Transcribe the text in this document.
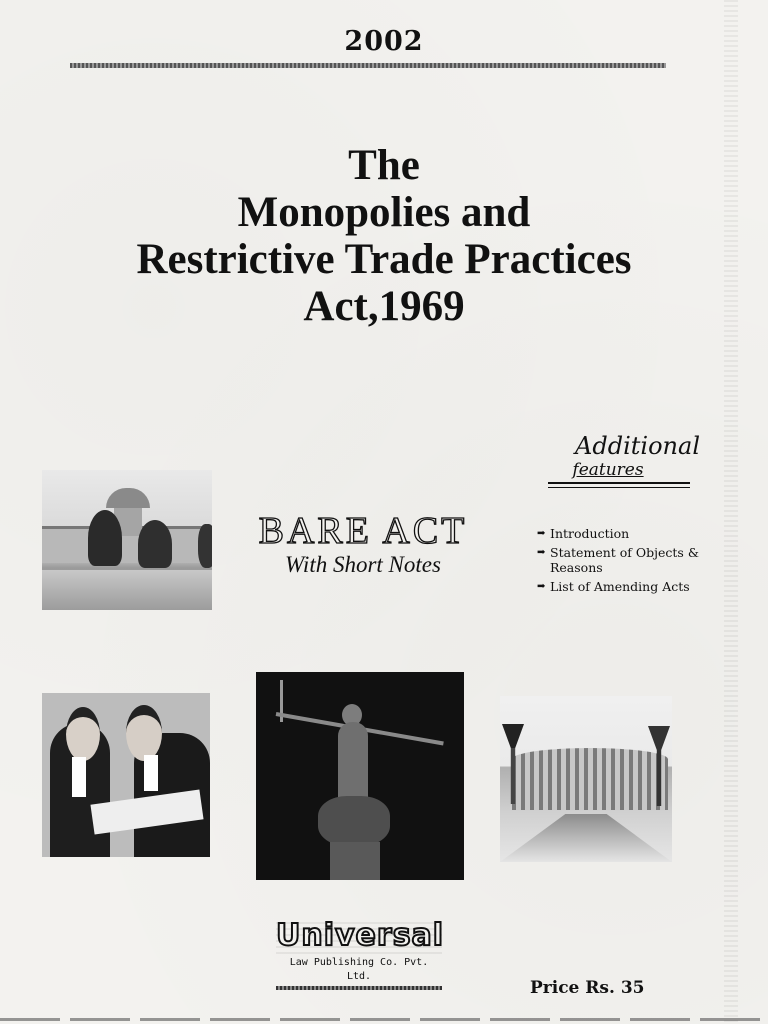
2002
The
Monopolies and
Restrictive Trade Practices
Act,1969
BARE ACT
With Short Notes
Additional
features
➡ Introduction
➡ Statement of Objects & Reasons
➡ List of Amending Acts
Universal
Law Publishing Co. Pvt. Ltd.
Price Rs. 35
